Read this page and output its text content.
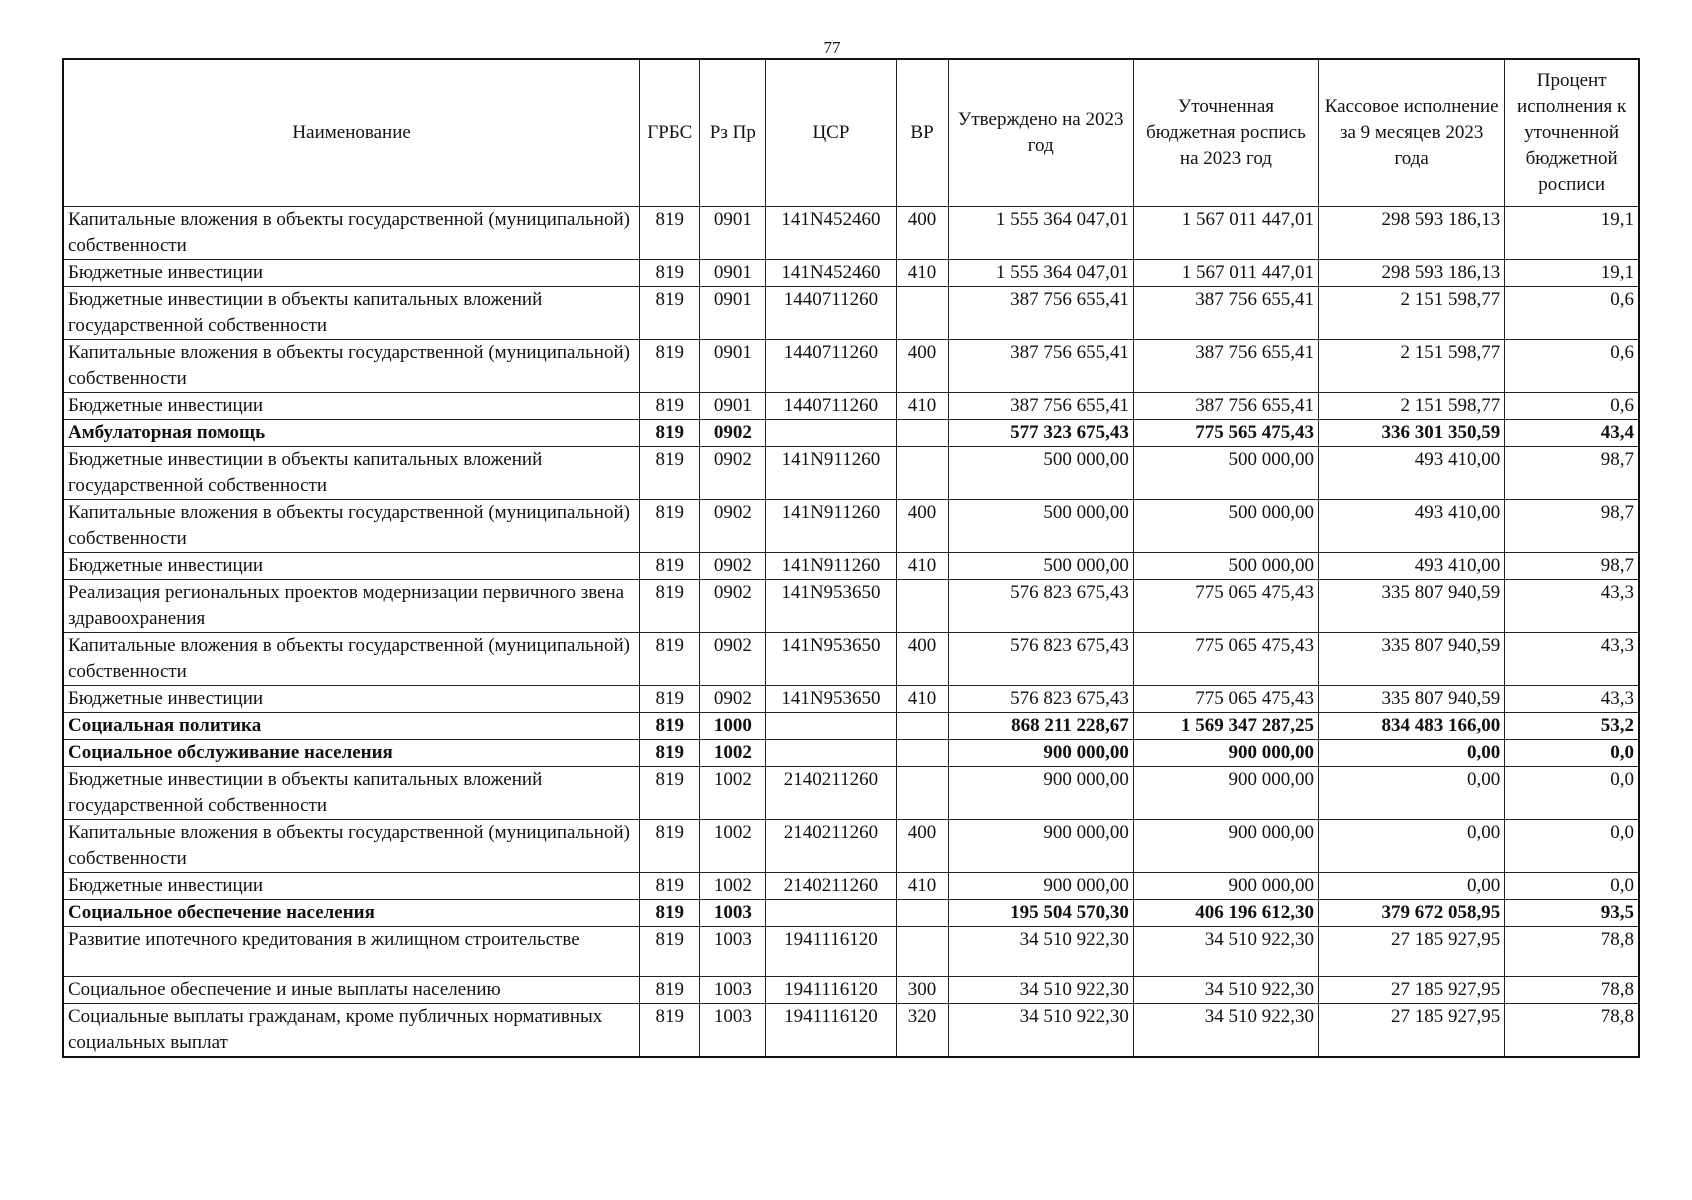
77
Наименование	ГРБС	Рз Пр	ЦСР	ВР	Утверждено на 2023 год	Уточненная бюджетная роспись на 2023 год	Кассовое исполнение за 9 месяцев 2023 года	Процент исполнения к уточненной бюджетной росписи
Капитальные вложения в объекты государственной (муниципальной) собственности	819	0901	141N452460	400	1 555 364 047,01	1 567 011 447,01	298 593 186,13	19,1
Бюджетные инвестиции	819	0901	141N452460	410	1 555 364 047,01	1 567 011 447,01	298 593 186,13	19,1
Бюджетные инвестиции в объекты капитальных вложений государственной собственности	819	0901	1440711260		387 756 655,41	387 756 655,41	2 151 598,77	0,6
Капитальные вложения в объекты государственной (муниципальной) собственности	819	0901	1440711260	400	387 756 655,41	387 756 655,41	2 151 598,77	0,6
Бюджетные инвестиции	819	0901	1440711260	410	387 756 655,41	387 756 655,41	2 151 598,77	0,6
Амбулаторная помощь	819	0902			577 323 675,43	775 565 475,43	336 301 350,59	43,4
Бюджетные инвестиции в объекты капитальных вложений государственной собственности	819	0902	141N911260		500 000,00	500 000,00	493 410,00	98,7
Капитальные вложения в объекты государственной (муниципальной) собственности	819	0902	141N911260	400	500 000,00	500 000,00	493 410,00	98,7
Бюджетные инвестиции	819	0902	141N911260	410	500 000,00	500 000,00	493 410,00	98,7
Реализация региональных проектов модернизации первичного звена здравоохранения	819	0902	141N953650		576 823 675,43	775 065 475,43	335 807 940,59	43,3
Капитальные вложения в объекты государственной (муниципальной) собственности	819	0902	141N953650	400	576 823 675,43	775 065 475,43	335 807 940,59	43,3
Бюджетные инвестиции	819	0902	141N953650	410	576 823 675,43	775 065 475,43	335 807 940,59	43,3
Социальная политика	819	1000			868 211 228,67	1 569 347 287,25	834 483 166,00	53,2
Социальное обслуживание населения	819	1002			900 000,00	900 000,00	0,00	0,0
Бюджетные инвестиции в объекты капитальных вложений государственной собственности	819	1002	2140211260		900 000,00	900 000,00	0,00	0,0
Капитальные вложения в объекты государственной (муниципальной) собственности	819	1002	2140211260	400	900 000,00	900 000,00	0,00	0,0
Бюджетные инвестиции	819	1002	2140211260	410	900 000,00	900 000,00	0,00	0,0
Социальное обеспечение населения	819	1003			195 504 570,30	406 196 612,30	379 672 058,95	93,5
Развитие ипотечного кредитования в жилищном строительстве	819	1003	1941116120		34 510 922,30	34 510 922,30	27 185 927,95	78,8
Социальное обеспечение и иные выплаты населению	819	1003	1941116120	300	34 510 922,30	34 510 922,30	27 185 927,95	78,8
Социальные выплаты гражданам, кроме публичных нормативных социальных выплат	819	1003	1941116120	320	34 510 922,30	34 510 922,30	27 185 927,95	78,8
